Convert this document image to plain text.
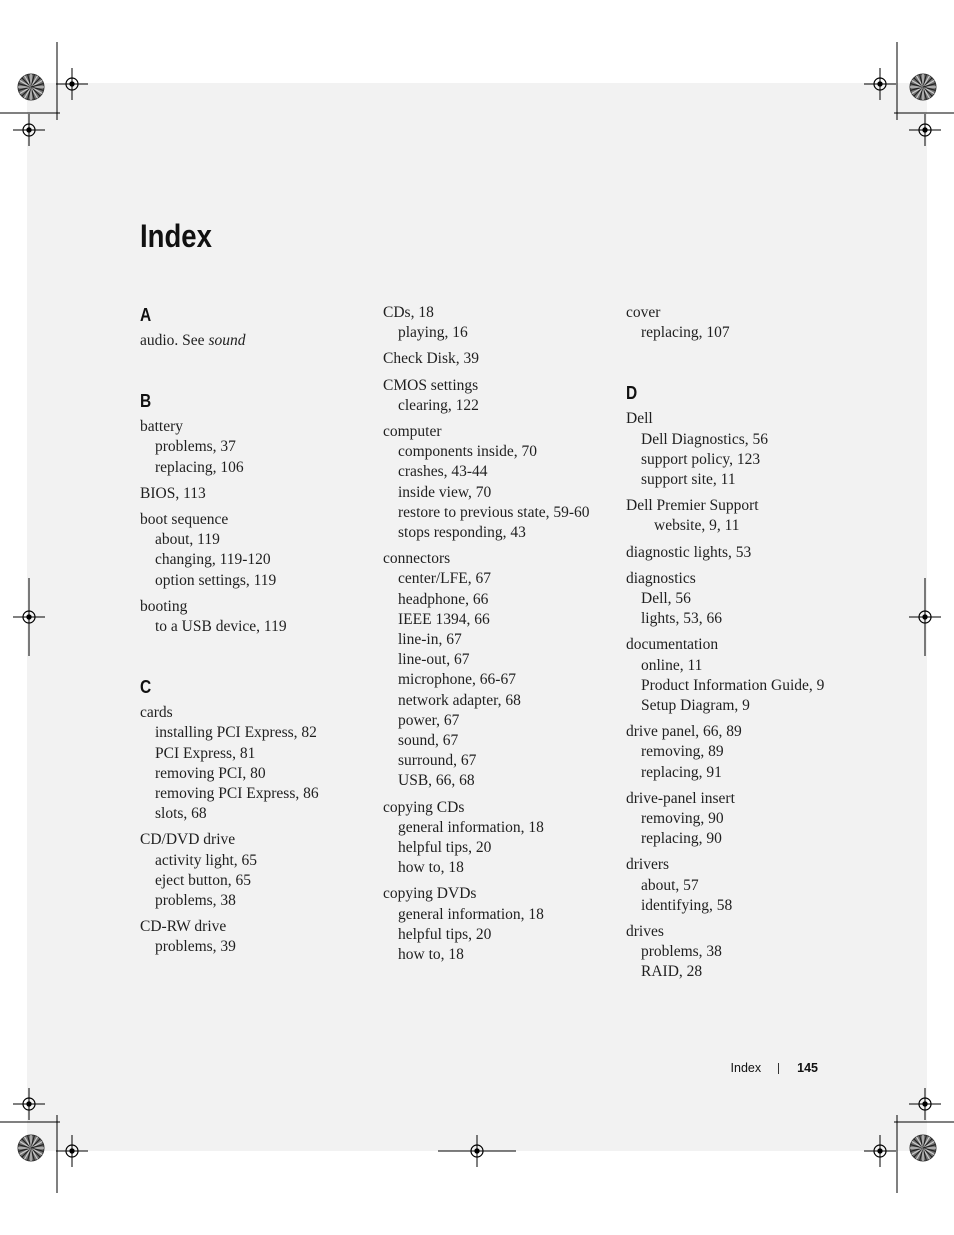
Index
A
audio. See sound
B
battery
problems, 37
replacing, 106
BIOS, 113
boot sequence
about, 119
changing, 119-120
option settings, 119
booting
to a USB device, 119
C
cards
installing PCI Express, 82
PCI Express, 81
removing PCI, 80
removing PCI Express, 86
slots, 68
CD/DVD drive
activity light, 65
eject button, 65
problems, 38
CD-RW drive
problems, 39
CDs, 18
playing, 16
Check Disk, 39
CMOS settings
clearing, 122
computer
components inside, 70
crashes, 43-44
inside view, 70
restore to previous state, 59-60
stops responding, 43
connectors
center/LFE, 67
headphone, 66
IEEE 1394, 66
line-in, 67
line-out, 67
microphone, 66-67
network adapter, 68
power, 67
sound, 67
surround, 67
USB, 66, 68
copying CDs
general information, 18
helpful tips, 20
how to, 18
copying DVDs
general information, 18
helpful tips, 20
how to, 18
cover
replacing, 107
D
Dell
Dell Diagnostics, 56
support policy, 123
support site, 11
Dell Premier Support
website, 9, 11
diagnostic lights, 53
diagnostics
Dell, 56
lights, 53, 66
documentation
online, 11
Product Information Guide, 9
Setup Diagram, 9
drive panel, 66, 89
removing, 89
replacing, 91
drive-panel insert
removing, 90
replacing, 90
drivers
about, 57
identifying, 58
drives
problems, 38
RAID, 28
Index	145
